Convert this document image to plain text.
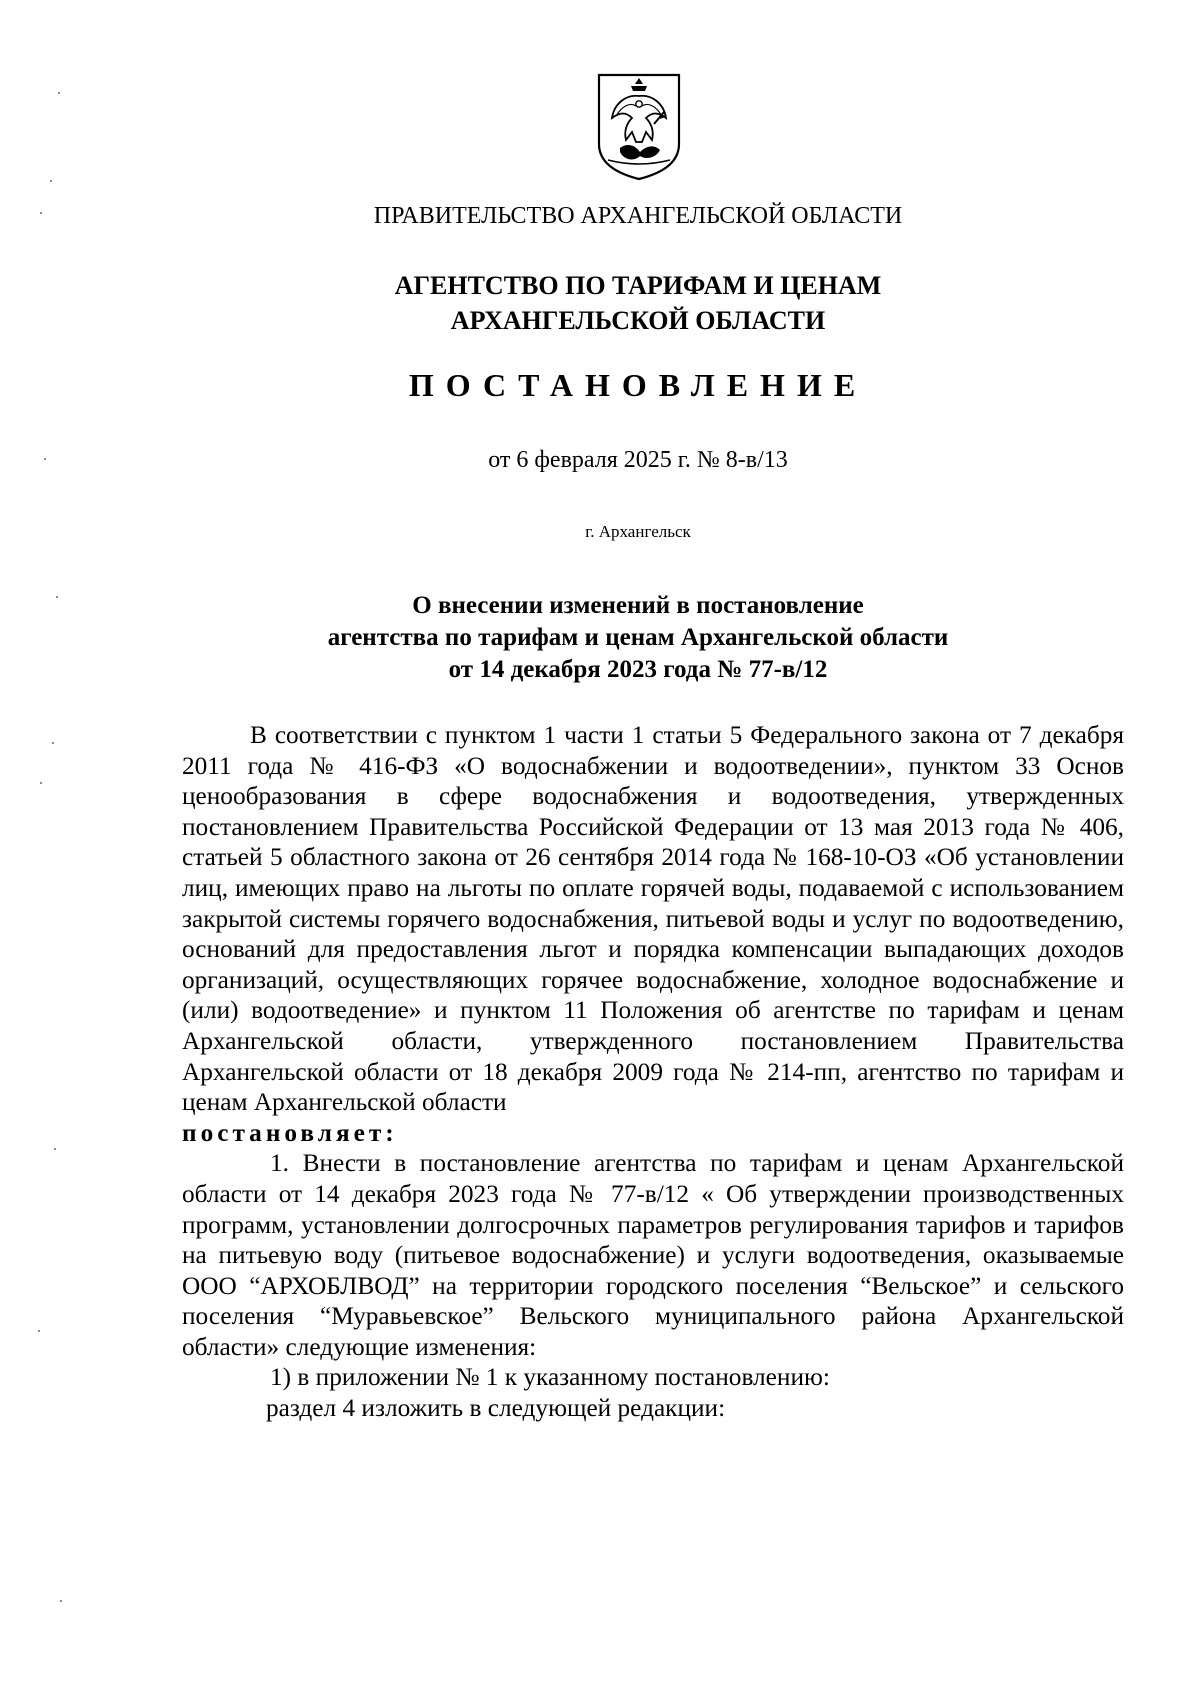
ПРАВИТЕЛЬСТВО АРХАНГЕЛЬСКОЙ ОБЛАСТИ
АГЕНТСТВО ПО ТАРИФАМ И ЦЕНАМ
АРХАНГЕЛЬСКОЙ ОБЛАСТИ
ПОСТАНОВЛЕНИЕ
от 6 февраля 2025 г. № 8-в/13
г. Архангельск
О внесении изменений в постановление
агентства по тарифам и ценам Архангельской области
от 14 декабря 2023 года № 77-в/12

В соответствии с пунктом 1 части 1 статьи 5 Федерального закона от 7 декабря 2011 года № 416-ФЗ «О водоснабжении и водоотведении», пунктом 33 Основ ценообразования в сфере водоснабжения и водоотведения, утвержденных постановлением Правительства Российской Федерации от 13 мая 2013 года № 406, статьей 5 областного закона от 26 сентября 2014 года № 168-10-ОЗ «Об установлении лиц, имеющих право на льготы по оплате горячей воды, подаваемой с использованием закрытой системы горячего водоснабжения, питьевой воды и услуг по водоотведению, оснований для предоставления льгот и порядка компенсации выпадающих доходов организаций, осуществляющих горячее водоснабжение, холодное водоснабжение и (или) водоотведение» и пунктом 11 Положения об агентстве по тарифам и ценам Архангельской области, утвержденного постановлением Правительства Архангельской области от 18 декабря 2009 года № 214-пп, агентство по тарифам и ценам Архангельской области

постановляет:

1. Внести в постановление агентства по тарифам и ценам Архангельской области от 14 декабря 2023 года № 77-в/12 « Об утверждении производственных программ, установлении долгосрочных параметров регулирования тарифов и тарифов на питьевую воду (питьевое водоснабжение) и услуги водоотведения, оказываемые ООО “АРХОБЛВОД” на территории городского поселения “Вельское” и сельского поселения “Муравьевское” Вельского муниципального района Архангельской области» следующие изменения:

1) в приложении № 1 к указанному постановлению:

раздел 4 изложить в следующей редакции:
